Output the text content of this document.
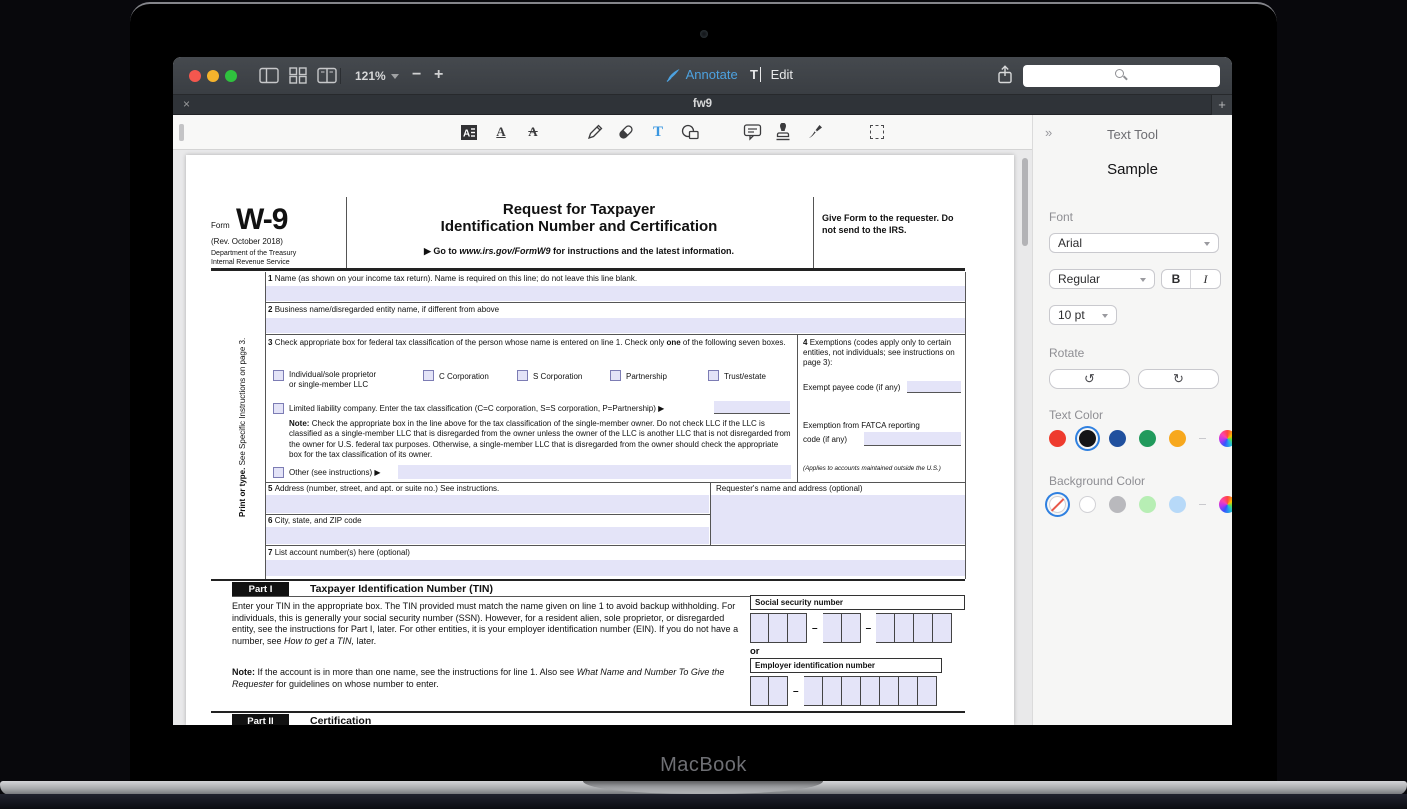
121%	− +	Annotate T Edit
×	fw9	+
A A A	T
Form W-9
(Rev. October 2018)
Department of the Treasury
Internal Revenue Service
Request for Taxpayer
Identification Number and Certification
▶ Go to www.irs.gov/FormW9 for instructions and the latest information.
Give Form to the requester. Do not send to the IRS.
Print or type. See Specific Instructions on page 3.
1 Name (as shown on your income tax return). Name is required on this line; do not leave this line blank.
2 Business name/disregarded entity name, if different from above
3 Check appropriate box for federal tax classification of the person whose name is entered on line 1. Check only one of the following seven boxes.
Individual/sole proprietor or single-member LLC
C Corporation	S Corporation	Partnership	Trust/estate
Limited liability company. Enter the tax classification (C=C corporation, S=S corporation, P=Partnership) ▶
Note: Check the appropriate box in the line above for the tax classification of the single-member owner. Do not check LLC if the LLC is classified as a single-member LLC that is disregarded from the owner unless the owner of the LLC is another LLC that is not disregarded from the owner for U.S. federal tax purposes. Otherwise, a single-member LLC that is disregarded from the owner should check the appropriate box for the tax classification of its owner.
Other (see instructions) ▶
4 Exemptions (codes apply only to certain entities, not individuals; see instructions on page 3):
Exempt payee code (if any)
Exemption from FATCA reporting
code (if any)
(Applies to accounts maintained outside the U.S.)
5 Address (number, street, and apt. or suite no.) See instructions.	Requester's name and address (optional)
6 City, state, and ZIP code
7 List account number(s) here (optional)
Part I	Taxpayer Identification Number (TIN)
Enter your TIN in the appropriate box. The TIN provided must match the name given on line 1 to avoid backup withholding. For individuals, this is generally your social security number (SSN). However, for a resident alien, sole proprietor, or disregarded entity, see the instructions for Part I, later. For other entities, it is your employer identification number (EIN). If you do not have a number, see How to get a TIN, later.
Note: If the account is in more than one name, see the instructions for line 1. Also see What Name and Number To Give the Requester for guidelines on whose number to enter.
Social security number
–	–
or
Employer identification number
–
Part II	Certification
»	Text Tool
Sample
Font
Arial
Regular	B	I
10 pt
Rotate
↺	↻
Text Color
Background Color
MacBook
